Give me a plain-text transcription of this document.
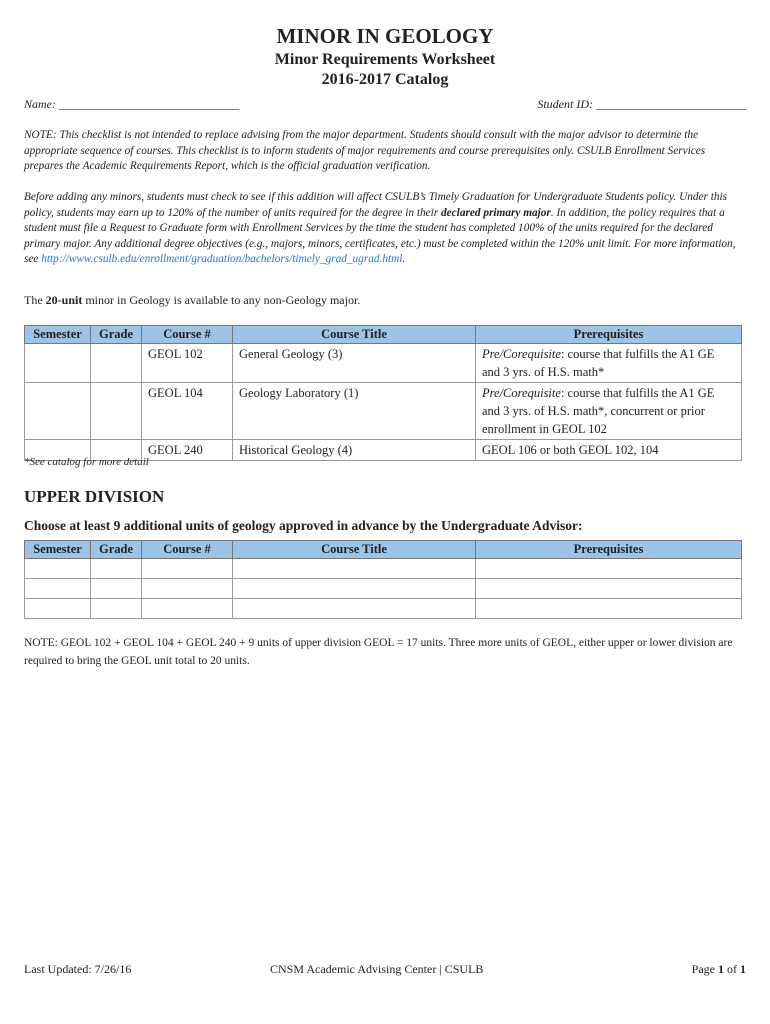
MINOR IN GEOLOGY
Minor Requirements Worksheet
2016-2017 Catalog
Name: ______________________________	Student ID: _________________________

NOTE: This checklist is not intended to replace advising from the major department. Students should consult with the major advisor to determine the appropriate sequence of courses. This checklist is to inform students of major requirements and course prerequisites only. CSULB Enrollment Services prepares the Academic Requirements Report, which is the official graduation verification.

Before adding any minors, students must check to see if this addition will affect CSULB’s Timely Graduation for Undergraduate Students policy. Under this policy, students may earn up to 120% of the number of units required for the degree in their declared primary major. In addition, the policy requires that a student must file a Request to Graduate form with Enrollment Services by the time the student has completed 100% of the units required for the declared primary major. Any additional degree objectives (e.g., majors, minors, certificates, etc.) must be completed within the 120% unit limit. For more information, see http://www.csulb.edu/enrollment/graduation/bachelors/timely_grad_ugrad.html.

The 20-unit minor in Geology is available to any non-Geology major.

Semester	Grade	Course #	Course Title	Prerequisites
		GEOL 102	General Geology (3)	Pre/Corequisite: course that fulfills the A1 GE and 3 yrs. of H.S. math*
		GEOL 104	Geology Laboratory (1)	Pre/Corequisite: course that fulfills the A1 GE and 3 yrs. of H.S. math*, concurrent or prior enrollment in GEOL 102
		GEOL 240	Historical Geology (4)	GEOL 106 or both GEOL 102, 104
*See catalog for more detail
UPPER DIVISION
Choose at least 9 additional units of geology approved in advance by the Undergraduate Advisor:
Semester	Grade	Course #	Course Title	Prerequisites

NOTE: GEOL 102 + GEOL 104 + GEOL 240 + 9 units of upper division GEOL = 17 units. Three more units of GEOL, either upper or lower division are required to bring the GEOL unit total to 20 units.

Last Updated: 7/26/16	CNSM Academic Advising Center | CSULB	Page 1 of 1
